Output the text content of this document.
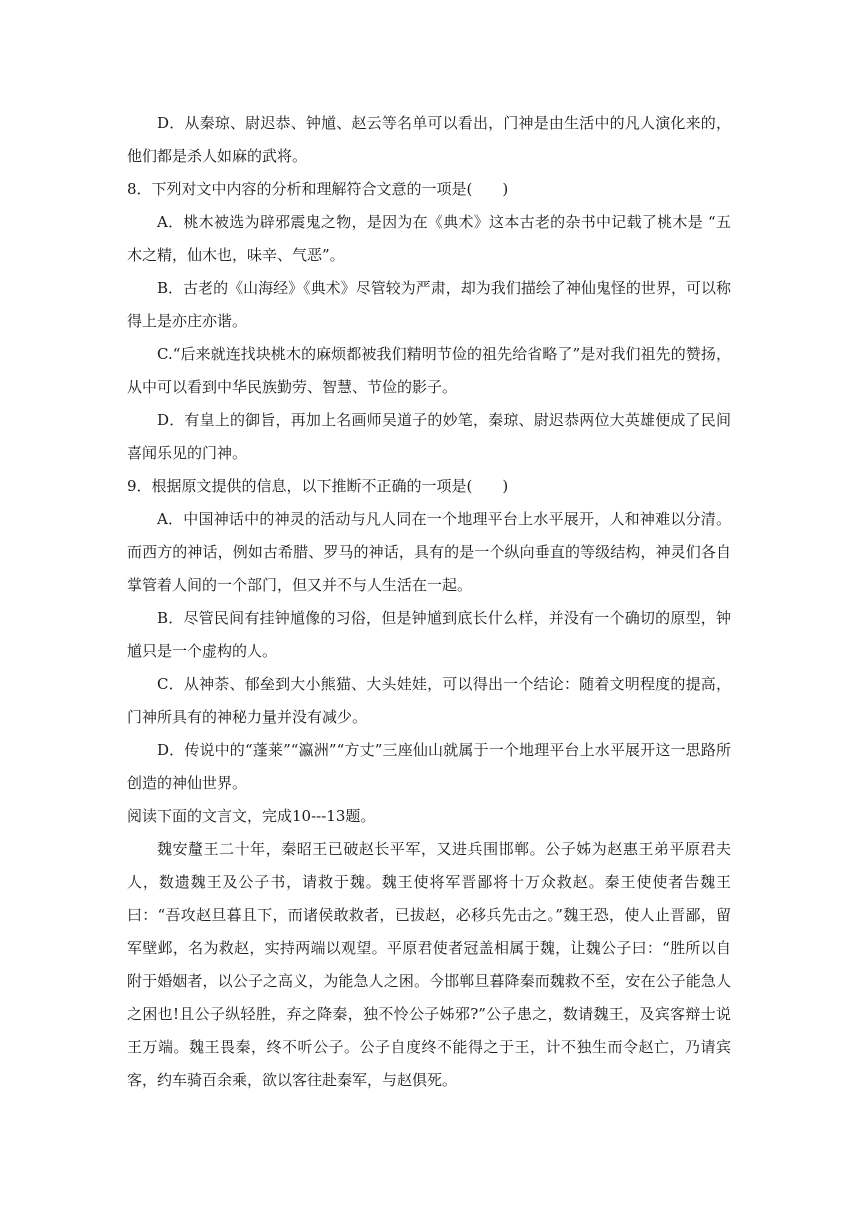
D．从秦琼、尉迟恭、钟馗、赵云等名单可以看出，门神是由生活中的凡人演化来的，他们都是杀人如麻的武将。

8．下列对文中内容的分析和理解符合文意的一项是(　　)

A．桃木被选为辟邪震鬼之物，是因为在《典术》这本古老的杂书中记载了桃木是 “五木之精，仙木也，味辛、气恶”。

B．古老的《山海经》《典术》尽管较为严肃，却为我们描绘了神仙鬼怪的世界，可以称得上是亦庄亦谐。

C.“后来就连找块桃木的麻烦都被我们精明节俭的祖先给省略了”是对我们祖先的赞扬，从中可以看到中华民族勤劳、智慧、节俭的影子。

D．有皇上的御旨，再加上名画师吴道子的妙笔，秦琼、尉迟恭两位大英雄便成了民间喜闻乐见的门神。

9．根据原文提供的信息，以下推断不正确的一项是(　　)

A．中国神话中的神灵的活动与凡人同在一个地理平台上水平展开，人和神难以分清。而西方的神话，例如古希腊、罗马的神话，具有的是一个纵向垂直的等级结构，神灵们各自掌管着人间的一个部门，但又并不与人生活在一起。

B．尽管民间有挂钟馗像的习俗，但是钟馗到底长什么样，并没有一个确切的原型，钟馗只是一个虚构的人。

C．从神荼、郁垒到大小熊猫、大头娃娃，可以得出一个结论：随着文明程度的提高，门神所具有的神秘力量并没有减少。

D．传说中的“蓬莱”“瀛洲”“方丈”三座仙山就属于一个地理平台上水平展开这一思路所创造的神仙世界。

阅读下面的文言文，完成10---13题。

魏安釐王二十年，秦昭王已破赵长平军，又进兵围邯郸。公子姊为赵惠王弟平原君夫人，数遗魏王及公子书，请救于魏。魏王使将军晋鄙将十万众救赵。秦王使使者告魏王曰：“吾攻赵旦暮且下，而诸侯敢救者，已拔赵，必移兵先击之。”魏王恐，使人止晋鄙，留军壁邺，名为救赵，实持两端以观望。平原君使者冠盖相属于魏，让魏公子曰：“胜所以自附于婚姻者，以公子之高义，为能急人之困。今邯郸旦暮降秦而魏救不至，安在公子能急人之困也!且公子纵轻胜，弃之降秦，独不怜公子姊邪?”公子患之，数请魏王，及宾客辩士说王万端。魏王畏秦，终不听公子。公子自度终不能得之于王，计不独生而令赵亡，乃请宾客，约车骑百余乘，欲以客往赴秦军，与赵俱死。
